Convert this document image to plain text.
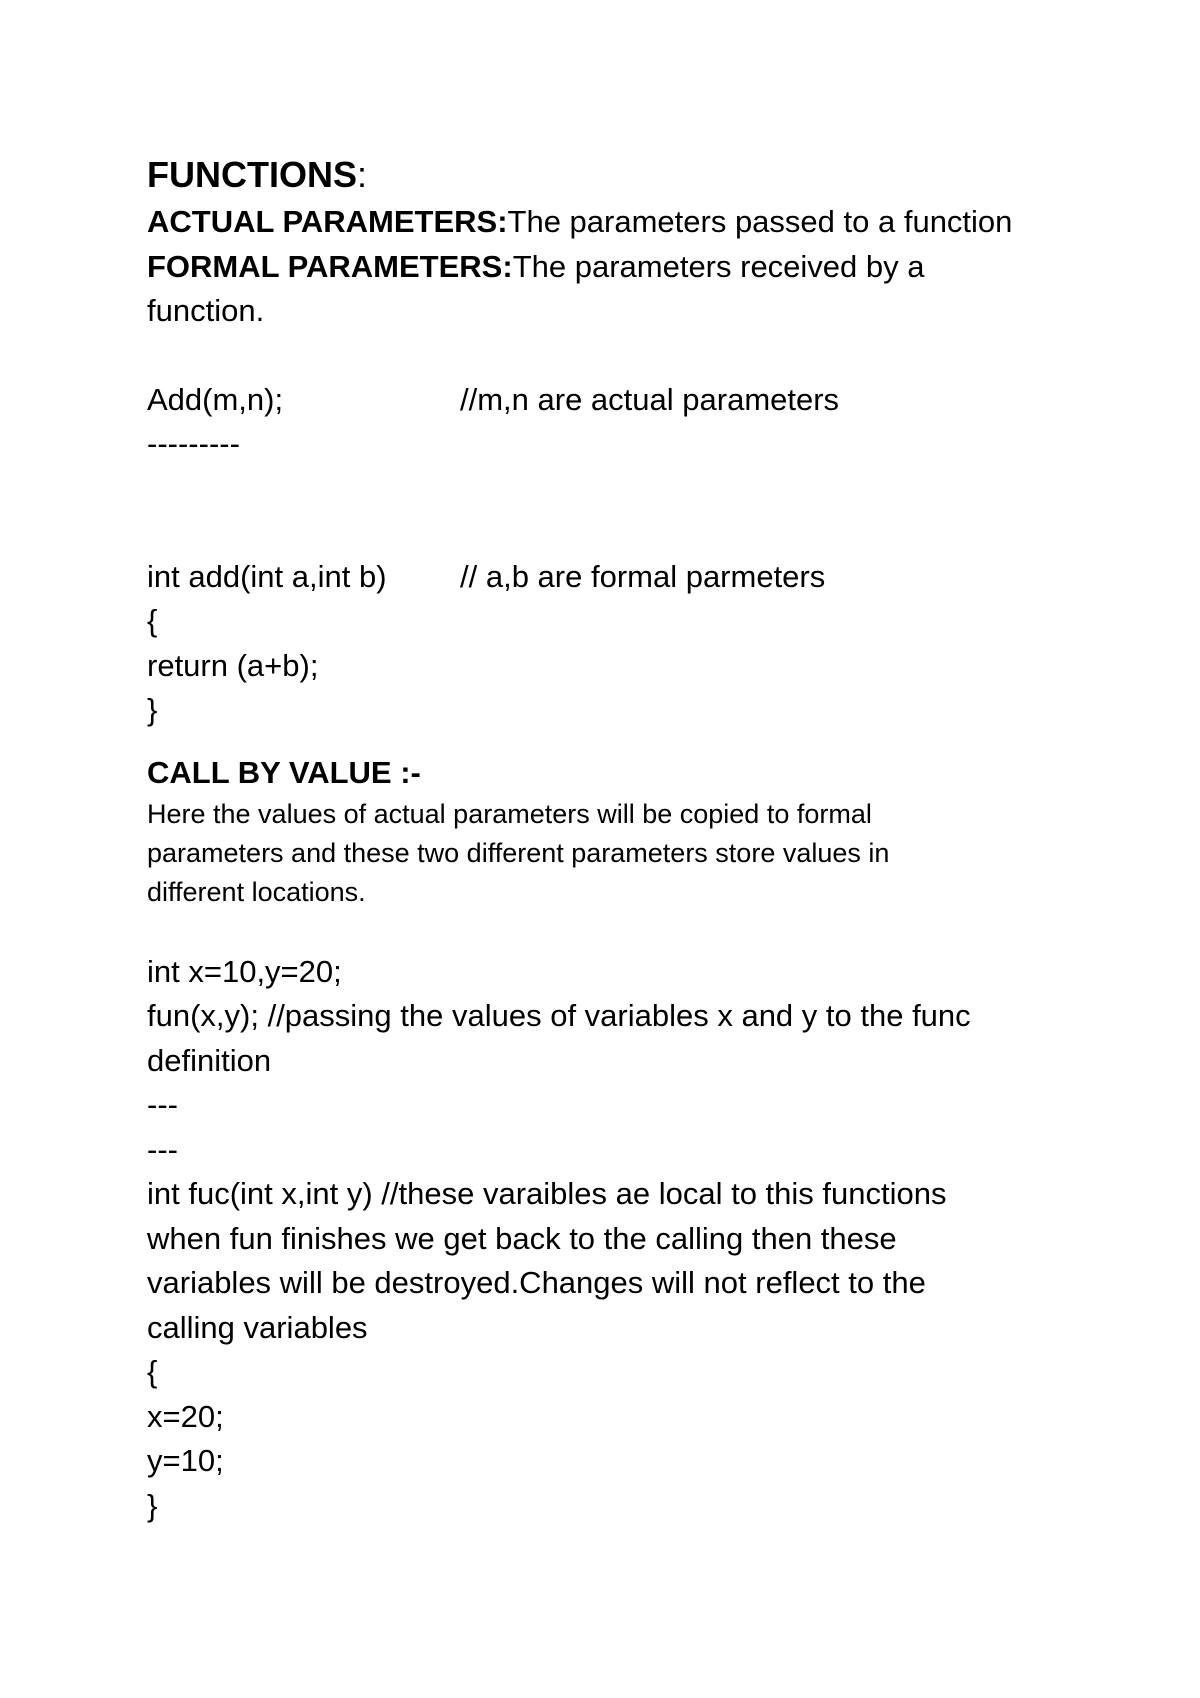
FUNCTIONS:
ACTUAL PARAMETERS:The parameters passed to a function
FORMAL PARAMETERS:The parameters received by a
function.
Add(m,n);	//m,n are actual parameters
---------
int add(int a,int b) // a,b are formal parmeters
{
return (a+b);
}
CALL BY VALUE :-
Here the values of actual parameters will be copied to formal
parameters and these two different parameters store values in
different locations.
int x=10,y=20;
fun(x,y); //passing the values of variables x and y to the func
definition
---
---
int fuc(int x,int y) //these varaibles ae local to this functions
when fun finishes we get back to the calling then these
variables will be destroyed.Changes will not reflect to the
calling variables
{
x=20;
y=10;
}
